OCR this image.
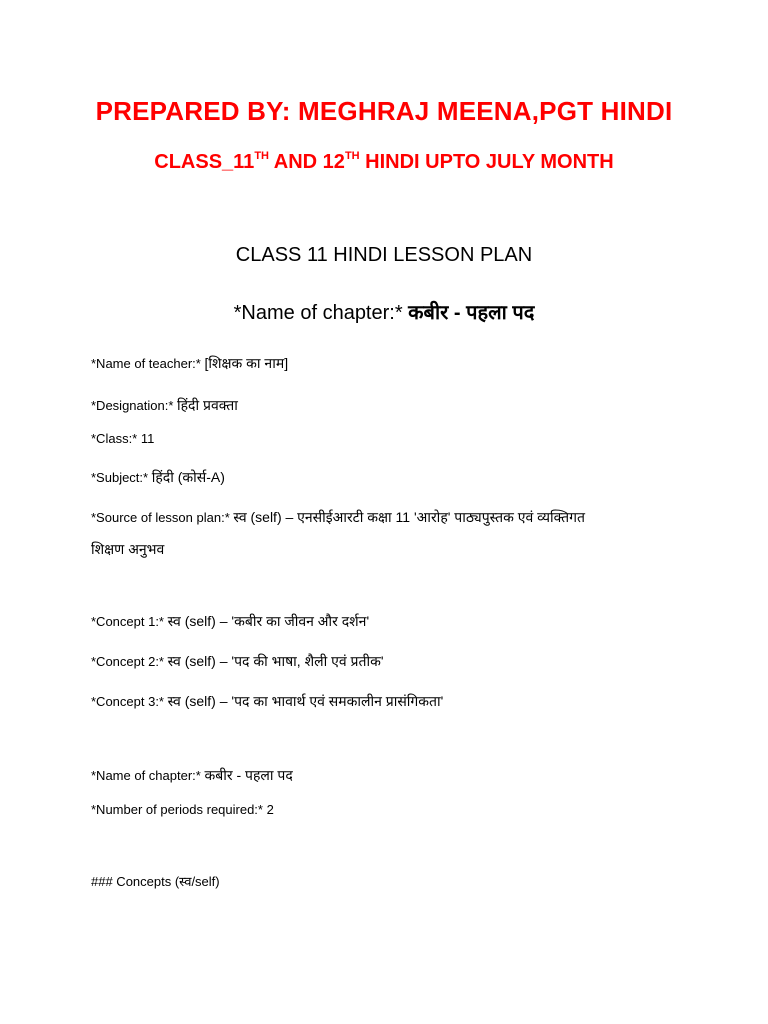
PREPARED BY: MEGHRAJ MEENA,PGT HINDI
CLASS_11TH AND 12TH HINDI UPTO JULY MONTH
CLASS 11 HINDI LESSON PLAN
*Name of chapter:* कबीर - पहला पद
*Name of teacher:* [शिक्षक का नाम]
*Designation:* हिंदी प्रवक्ता
*Class:* 11
*Subject:* हिंदी (कोर्स-A)
*Source of lesson plan:* स्व (self) – एनसीईआरटी कक्षा 11 'आरोह' पाठ्यपुस्तक एवं व्यक्तिगत
शिक्षण अनुभव
*Concept 1:* स्व (self) – 'कबीर का जीवन और दर्शन'
*Concept 2:* स्व (self) – 'पद की भाषा, शैली एवं प्रतीक'
*Concept 3:* स्व (self) – 'पद का भावार्थ एवं समकालीन प्रासंगिकता'
*Name of chapter:* कबीर - पहला पद
*Number of periods required:* 2
### Concepts (स्व/self)
